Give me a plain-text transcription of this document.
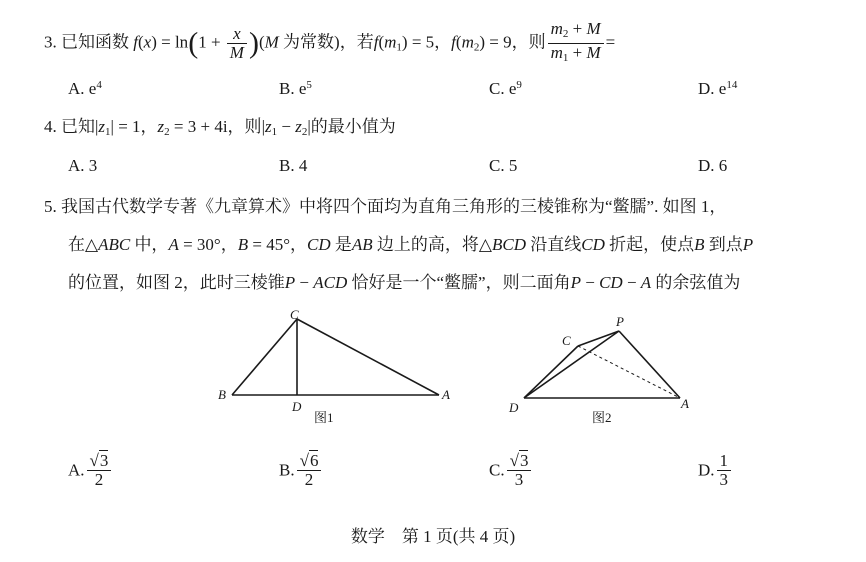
3. 已知函数 $f(x) = \ln(1 + \frac{x}{M} )(M$ 为常数)，若$f(m_1) = 5$，$f(m_2) = 9$，则 $\frac{m_2 + M}{m_1 + M}$ =
A. $e^4$	B. $e^5$	C. $e^9$	D. $e^{14}$
4. 已知$|z_1| = 1$，$z_2 = 3 + 4i$，则$|z_1 - z_2|$的最小值为
A. 3	B. 4	C. 5	D. 6
5. 我国古代数学专著《九章算术》中将四个面均为直角三角形的三棱锥称为“鳖臑”. 如图 1，
在△ABC 中，A = 30°，B = 45°，CD 是AB 边上的高，将△BCD 沿直线CD 折起，使点B 到点P
的位置，如图 2，此时三棱锥P − ACD 恰好是一个“鳖臑”，则二面角P − CD − A 的余弦值为
C
B
D
A
图1
C
P
D	A
图2
A. $\frac{√3}{2}$	B. $\frac{√6}{2}$	C. $\frac{√3}{3}$	D. $\frac{1}{3}$
数学　第 1 页(共 4 页)
